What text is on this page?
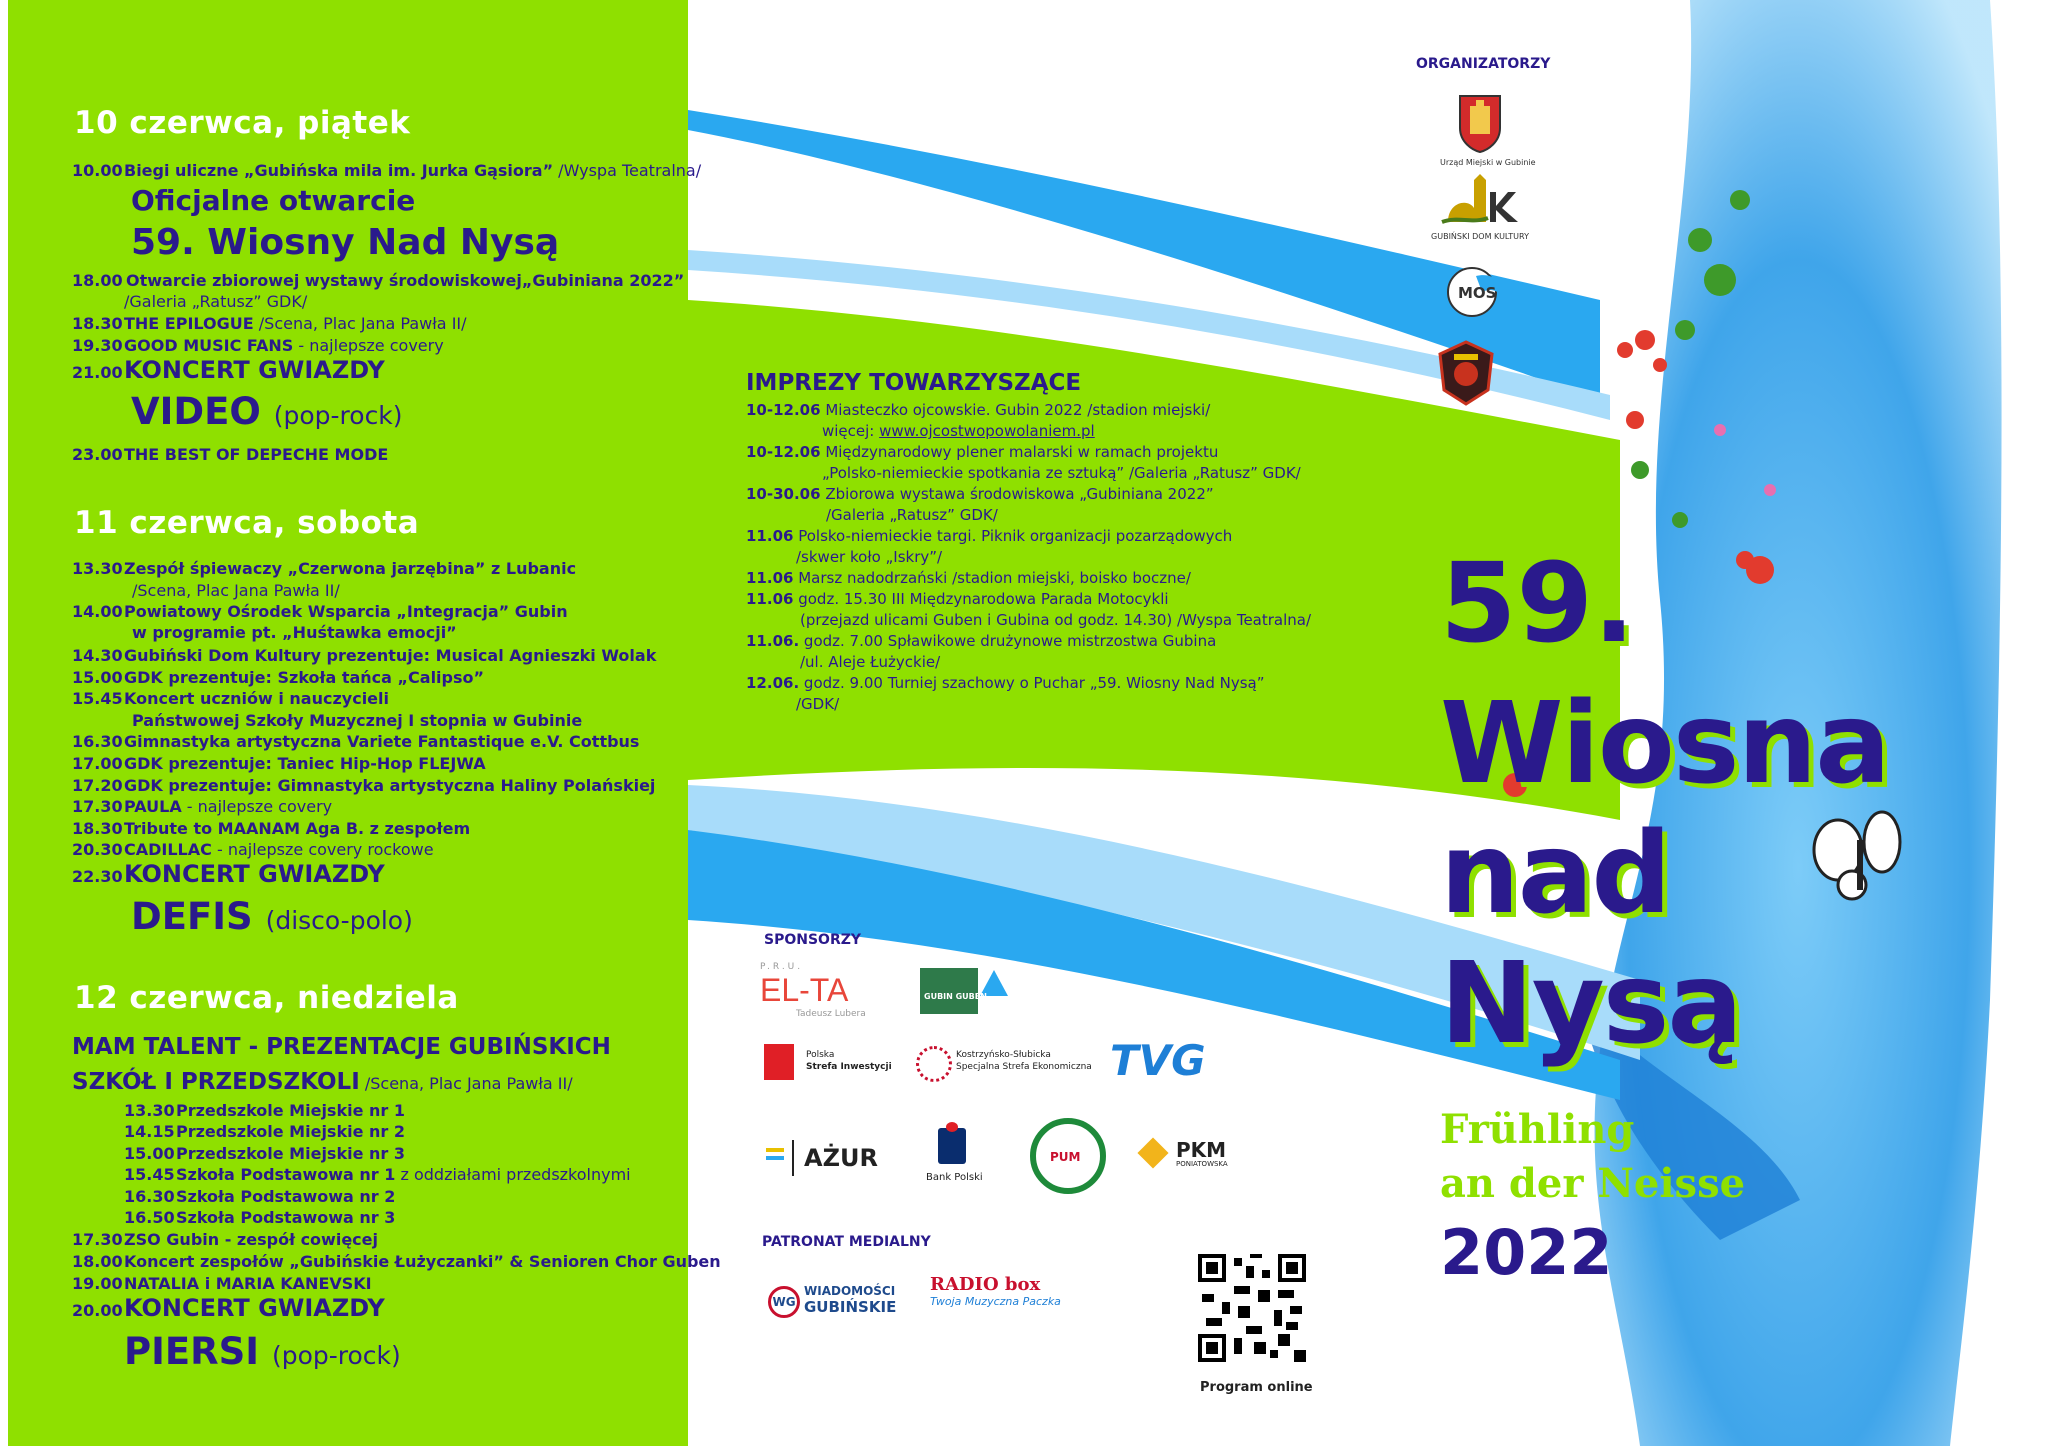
10 czerwca, piątek
10.00Biegi uliczne „Gubińska mila im. Jurka Gąsiora” /Wyspa Teatralna/
Oficjalne otwarcie
59. Wiosny Nad Nysą
18.00 Otwarcie zbiorowej wystawy środowiskowej„Gubiniana 2022”
/Galeria „Ratusz” GDK/
18.30THE EPILOGUE /Scena, Plac Jana Pawła II/
19.30GOOD MUSIC FANS - najlepsze covery
21.00KONCERT GWIAZDY
VIDEO (pop-rock)
23.00THE BEST OF DEPECHE MODE
11 czerwca, sobota
13.30Zespół śpiewaczy „Czerwona jarzębina” z Lubanic
/Scena, Plac Jana Pawła II/
14.00Powiatowy Ośrodek Wsparcia „Integracja” Gubin
w programie pt. „Huśtawka emocji”
14.30Gubiński Dom Kultury prezentuje: Musical Agnieszki Wolak
15.00GDK prezentuje: Szkoła tańca „Calipso”
15.45Koncert uczniów i nauczycieli
Państwowej Szkoły Muzycznej I stopnia w Gubinie
16.30Gimnastyka artystyczna Variete Fantastique e.V. Cottbus
17.00GDK prezentuje: Taniec Hip-Hop FLEJWA
17.20GDK prezentuje: Gimnastyka artystyczna Haliny Polańskiej
17.30PAULA - najlepsze covery
18.30Tribute to MAANAM Aga B. z zespołem
20.30CADILLAC - najlepsze covery rockowe
22.30KONCERT GWIAZDY
DEFIS (disco-polo)
12 czerwca, niedziela
MAM TALENT - PREZENTACJE GUBIŃSKICH
SZKÓŁ I PRZEDSZKOLI /Scena, Plac Jana Pawła II/
13.30Przedszkole Miejskie nr 1
14.15Przedszkole Miejskie nr 2
15.00Przedszkole Miejskie nr 3
15.45Szkoła Podstawowa nr 1 z oddziałami przedszkolnymi
16.30Szkoła Podstawowa nr 2
16.50Szkoła Podstawowa nr 3
17.30ZSO Gubin - zespół cowięcej
18.00Koncert zespołów „Gubińskie Łużyczanki” & Senioren Chor Guben
19.00NATALIA i MARIA KANEVSKI
20.00KONCERT GWIAZDY
PIERSI (pop-rock)
IMPREZY TOWARZYSZĄCE
10-12.06 Miasteczko ojcowskie. Gubin 2022 /stadion miejski/
więcej: www.ojcostwopowolaniem.pl
10-12.06 Międzynarodowy plener malarski w ramach projektu
„Polsko-niemieckie spotkania ze sztuką” /Galeria „Ratusz” GDK/
10-30.06 Zbiorowa wystawa środowiskowa „Gubiniana 2022”
/Galeria „Ratusz” GDK/
11.06 Polsko-niemieckie targi. Piknik organizacji pozarządowych
/skwer koło „Iskry”/
11.06 Marsz nadodrzański /stadion miejski, boisko boczne/
11.06 godz. 15.30 III Międzynarodowa Parada Motocykli
(przejazd ulicami Guben i Gubina od godz. 14.30) /Wyspa Teatralna/
11.06. godz. 7.00 Spławikowe drużynowe mistrzostwa Gubina
/ul. Aleje Łużyckie/
12.06. godz. 9.00 Turniej szachowy o Puchar „59. Wiosny Nad Nysą”
/GDK/
ORGANIZATORZY
Urząd Miejski w Gubinie
GUBIŃSKI DOM KULTURY
MOS
59.
Wiosna
nad
Nysą
Frühling
an der Neisse
2022
SPONSORZY
P.R.U.
EL-TA
Tadeusz Lubera
GUBIN GUBEN
Polska
Strefa Inwestycji
Kostrzyńsko-Słubicka
Specjalna Strefa Ekonomiczna TVG
AŻUR
Bank Polski
PUM	PKM
PONIATOWSKA
PATRONAT MEDIALNY
WG
WIADOMOŚCI
GUBIŃSKIE
RADIO box
Twoja Muzyczna Paczka
Program online
